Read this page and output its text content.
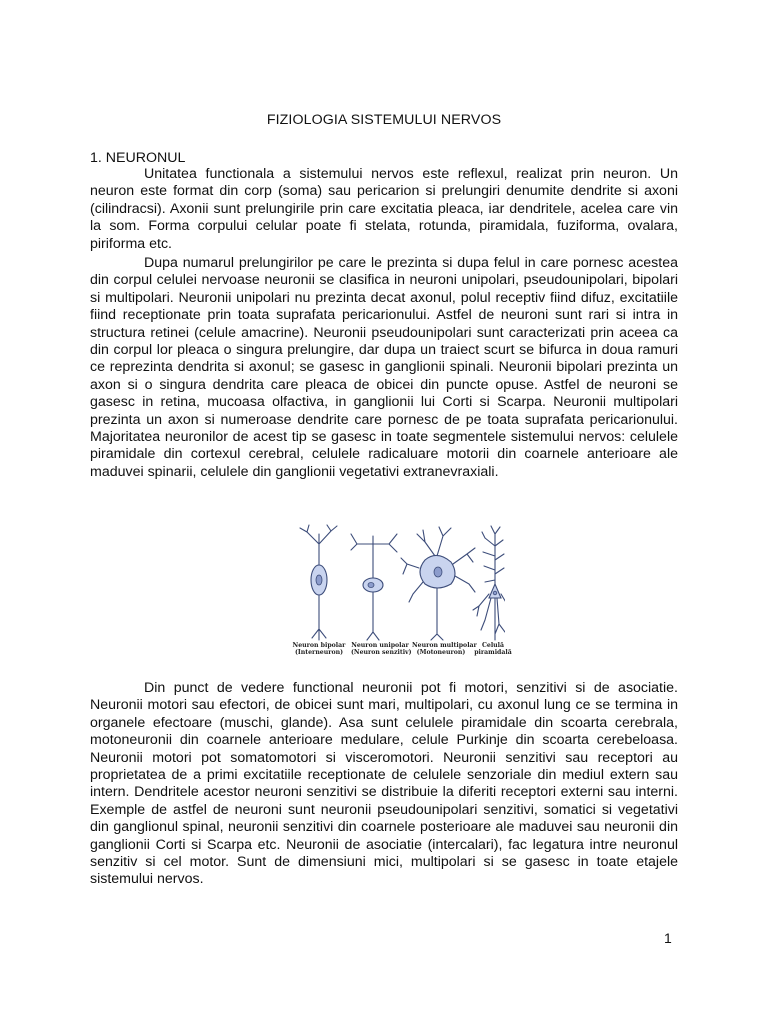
FIZIOLOGIA SISTEMULUI NERVOS
1. NEURONUL

Unitatea functionala a sistemului nervos este reflexul, realizat prin neuron. Un neuron este format din corp (soma) sau pericarion si prelungiri denumite dendrite si axoni (cilindracsi). Axonii sunt prelungirile prin care excitatia pleaca, iar dendritele, acelea care vin la som. Forma corpului celular poate fi stelata, rotunda, piramidala, fuziforma, ovalara, piriforma etc.

Dupa numarul prelungirilor pe care le prezinta si dupa felul in care pornesc acestea din corpul celulei nervoase neuronii se clasifica in neuroni unipolari, pseudounipolari, bipolari si multipolari. Neuronii unipolari nu prezinta decat axonul, polul receptiv fiind difuz, excitatiile fiind receptionate prin toata suprafata pericarionului. Astfel de neuroni sunt rari si intra in structura retinei (celule amacrine). Neuronii pseudounipolari sunt caracterizati prin aceea ca din corpul lor pleaca o singura prelungire, dar dupa un traiect scurt se bifurca in doua ramuri ce reprezinta dendrita si axonul; se gasesc in ganglionii spinali. Neuronii bipolari prezinta un axon si o singura dendrita care pleaca de obicei din puncte opuse. Astfel de neuroni se gasesc in retina, mucoasa olfactiva, in ganglionii lui Corti si Scarpa. Neuronii multipolari prezinta un axon si numeroase dendrite care pornesc de pe toata suprafata pericarionului. Majoritatea neuronilor de acest tip se gasesc in toate segmentele sistemului nervos: celulele piramidale din cortexul cerebral, celulele radicaluare motorii din coarnele anterioare ale maduvei spinarii, celulele din ganglionii vegetativi extranevraxiali.

Neuron bipolar
(Interneuron)
Neuron unipolar
(Neuron senzitiv)
Neuron multipolar
(Motoneuron)
Celulă
piramidală

Din punct de vedere functional neuronii pot fi motori, senzitivi si de asociatie. Neuronii motori sau efectori, de obicei sunt mari, multipolari, cu axonul lung ce se termina in organele efectoare (muschi, glande). Asa sunt celulele piramidale din scoarta cerebrala, motoneuronii din coarnele anterioare medulare, celule Purkinje din scoarta cerebeloasa. Neuronii motori pot somatomotori si visceromotori. Neuronii senzitivi sau receptori au proprietatea de a primi excitatiile receptionate de celulele senzoriale din mediul extern sau intern. Dendritele acestor neuroni senzitivi se distribuie la diferiti receptori externi sau interni. Exemple de astfel de neuroni sunt neuronii pseudounipolari senzitivi, somatici si vegetativi din ganglionul spinal, neuronii senzitivi din coarnele posterioare ale maduvei sau neuronii din ganglionii Corti si Scarpa etc. Neuronii de asociatie (intercalari), fac legatura intre neuronul senzitiv si cel motor. Sunt de dimensiuni mici, multipolari si se gasesc in toate etajele sistemului nervos.

1
